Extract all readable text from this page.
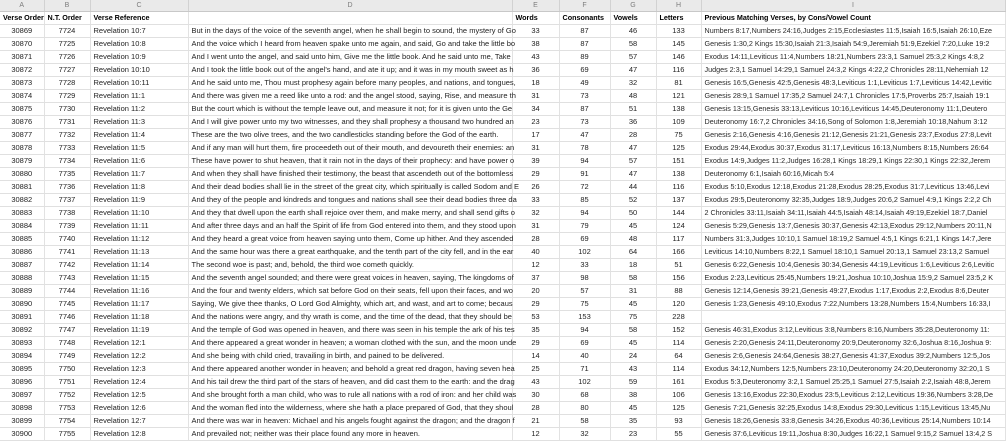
A	B	C	D	E	F	G	H	I
Verse Order	N.T. Order	Verse Reference		Words	Consonants	Vowels	Letters	Previous Matching Verses, by Cons/Vowel Count
30869	7724	Revelation 10:7	But in the days of the voice of the seventh angel, when he shall begin to sound, the mystery of Go	33	87	46	133	Numbers 8:17,Numbers 24:16,Judges 2:15,Ecclesiastes 11:5,Isaiah 16:5,Isaiah 26:10,Eze
30870	7725	Revelation 10:8	And the voice which I heard from heaven spake unto me again, and said, Go and take the little bo	38	87	58	145	Genesis 1:30,2 Kings 15:30,Isaiah 21:3,Isaiah 54:9,Jeremiah 51:9,Ezekiel 7:20,Luke 19:2
30871	7726	Revelation 10:9	And I went unto the angel, and said unto him, Give me the little book. And he said unto me, Take	43	89	57	146	Exodus 14:11,Leviticus 11:4,Numbers 18:21,Numbers 23:3,1 Samuel 25:3,2 Kings 4:8,2
30872	7727	Revelation 10:10	And I took the little book out of the angel's hand, and ate it up; and it was in my mouth sweet as h	36	69	47	116	Judges 2:3,1 Samuel 14:29,1 Samuel 24:3,2 Kings 4:22,2 Chronicles 28:11,Nehemiah 12
30873	7728	Revelation 10:11	And he said unto me, Thou must prophesy again before many peoples, and nations, and tongues,	18	49	32	81	Genesis 16:5,Genesis 42:5,Genesis 48:3,Leviticus 1:1,Leviticus 1:7,Leviticus 14:42,Levitic
30874	7729	Revelation 11:1	And there was given me a reed like unto a rod: and the angel stood, saying, Rise, and measure th	31	73	48	121	Genesis 28:9,1 Samuel 17:35,2 Samuel 24:7,1 Chronicles 17:5,Proverbs 25:7,Isaiah 19:1
30875	7730	Revelation 11:2	But the court which is without the temple leave out, and measure it not; for it is given unto the Ge	34	87	51	138	Genesis 13:15,Genesis 33:13,Leviticus 10:16,Leviticus 14:45,Deuteronomy 11:1,Deutero
30876	7731	Revelation 11:3	And I will give power unto my two witnesses, and they shall prophesy a thousand two hundred an	23	73	36	109	Deuteronomy 16:7,2 Chronicles 34:16,Song of Solomon 1:8,Jeremiah 10:18,Nahum 3:12
30877	7732	Revelation 11:4	These are the two olive trees, and the two candlesticks standing before the God of the earth.	17	47	28	75	Genesis 2:16,Genesis 4:16,Genesis 21:12,Genesis 21:21,Genesis 23:7,Exodus 27:8,Levit
30878	7733	Revelation 11:5	And if any man will hurt them, fire proceedeth out of their mouth, and devoureth their enemies: an	31	78	47	125	Exodus 29:44,Exodus 30:37,Exodus 31:17,Leviticus 16:13,Numbers 8:15,Numbers 26:64
30879	7734	Revelation 11:6	These have power to shut heaven, that it rain not in the days of their prophecy: and have power o	39	94	57	151	Exodus 14:9,Judges 11:2,Judges 16:28,1 Kings 18:29,1 Kings 22:30,1 Kings 22:32,Jerem
30880	7735	Revelation 11:7	And when they shall have finished their testimony, the beast that ascendeth out of the bottomless	29	91	47	138	Deuteronomy 6:1,Isaiah 60:16,Micah 5:4
30881	7736	Revelation 11:8	And their dead bodies shall lie in the street of the great city, which spiritually is called Sodom and E	26	72	44	116	Exodus 5:10,Exodus 12:18,Exodus 21:28,Exodus 28:25,Exodus 31:7,Leviticus 13:46,Levi
30882	7737	Revelation 11:9	And they of the people and kindreds and tongues and nations shall see their dead bodies three da	33	85	52	137	Exodus 29:5,Deuteronomy 32:35,Judges 18:9,Judges 20:6,2 Samuel 4:9,1 Kings 2:2,2 Ch
30883	7738	Revelation 11:10	And they that dwell upon the earth shall rejoice over them, and make merry, and shall send gifts o	32	94	50	144	2 Chronicles 33:11,Isaiah 34:11,Isaiah 44:5,Isaiah 48:14,Isaiah 49:19,Ezekiel 18:7,Daniel
30884	7739	Revelation 11:11	And after three days and an half the Spirit of life from God entered into them, and they stood upon	31	79	45	124	Genesis 5:29,Genesis 13:7,Genesis 30:37,Genesis 42:13,Exodus 29:12,Numbers 20:11,N
30885	7740	Revelation 11:12	And they heard a great voice from heaven saying unto them, Come up hither. And they ascended	28	69	48	117	Numbers 31:3,Judges 10:10,1 Samuel 18:19,2 Samuel 4:5,1 Kings 6:21,1 Kings 14:7,Jere
30886	7741	Revelation 11:13	And the same hour was there a great earthquake, and the tenth part of the city fell, and in the ear	40	102	64	166	Leviticus 14:10,Numbers 8:22,1 Samuel 18:10,1 Samuel 20:13,1 Samuel 23:13,2 Samuel
30887	7742	Revelation 11:14	The second woe is past; and, behold, the third woe cometh quickly.	12	33	18	51	Genesis 6:22,Genesis 10:4,Genesis 30:34,Genesis 44:19,Leviticus 1:6,Leviticus 2:6,Levitic
30888	7743	Revelation 11:15	And the seventh angel sounded; and there were great voices in heaven, saying, The kingdoms of	37	98	58	156	Exodus 2:23,Leviticus 25:45,Numbers 19:21,Joshua 10:10,Joshua 15:9,2 Samuel 23:5,2 K
30889	7744	Revelation 11:16	And the four and twenty elders, which sat before God on their seats, fell upon their faces, and wo	20	57	31	88	Genesis 12:14,Genesis 39:21,Genesis 49:27,Exodus 1:17,Exodus 2:2,Exodus 8:6,Deuter
30890	7745	Revelation 11:17	Saying, We give thee thanks, O Lord God Almighty, which art, and wast, and art to come; becaus	29	75	45	120	Genesis 1:23,Genesis 49:10,Exodus 7:22,Numbers 13:28,Numbers 15:4,Numbers 16:33,I
30891	7746	Revelation 11:18	And the nations were angry, and thy wrath is come, and the time of the dead, that they should be	53	153	75	228	
30892	7747	Revelation 11:19	And the temple of God was opened in heaven, and there was seen in his temple the ark of his tes	35	94	58	152	Genesis 46:31,Exodus 3:12,Leviticus 3:8,Numbers 8:16,Numbers 35:28,Deuteronomy 11:
30893	7748	Revelation 12:1	And there appeared a great wonder in heaven; a woman clothed with the sun, and the moon unde	29	69	45	114	Genesis 2:20,Genesis 24:11,Deuteronomy 20:9,Deuteronomy 32:6,Joshua 8:16,Joshua 9:
30894	7749	Revelation 12:2	And she being with child cried, travailing in birth, and pained to be delivered.	14	40	24	64	Genesis 2:6,Genesis 24:64,Genesis 38:27,Genesis 41:37,Exodus 39:2,Numbers 12:5,Jos
30895	7750	Revelation 12:3	And there appeared another wonder in heaven; and behold a great red dragon, having seven hea	25	71	43	114	Exodus 34:12,Numbers 12:5,Numbers 23:10,Deuteronomy 24:20,Deuteronomy 32:20,1 S
30896	7751	Revelation 12:4	And his tail drew the third part of the stars of heaven, and did cast them to the earth: and the drag	43	102	59	161	Exodus 5:3,Deuteronomy 3:2,1 Samuel 25:25,1 Samuel 27:5,Isaiah 2:2,Isaiah 48:8,Jerem
30897	7752	Revelation 12:5	And she brought forth a man child, who was to rule all nations with a rod of iron: and her child was	30	68	38	106	Genesis 13:16,Exodus 22:30,Exodus 23:5,Leviticus 2:12,Leviticus 19:36,Numbers 3:28,De
30898	7753	Revelation 12:6	And the woman fled into the wilderness, where she hath a place prepared of God, that they shoul	28	80	45	125	Genesis 7:21,Genesis 32:25,Exodus 14:8,Exodus 29:30,Leviticus 1:15,Leviticus 13:45,Nu
30899	7754	Revelation 12:7	And there was war in heaven: Michael and his angels fought against the dragon; and the dragon f	21	58	35	93	Genesis 18:26,Genesis 33:8,Genesis 34:26,Exodus 40:36,Leviticus 25:14,Numbers 10:14
30900	7755	Revelation 12:8	And prevailed not; neither was their place found any more in heaven.	12	32	23	55	Genesis 37:6,Leviticus 19:11,Joshua 8:30,Judges 16:22,1 Samuel 9:15,2 Samuel 13:4,2 S
